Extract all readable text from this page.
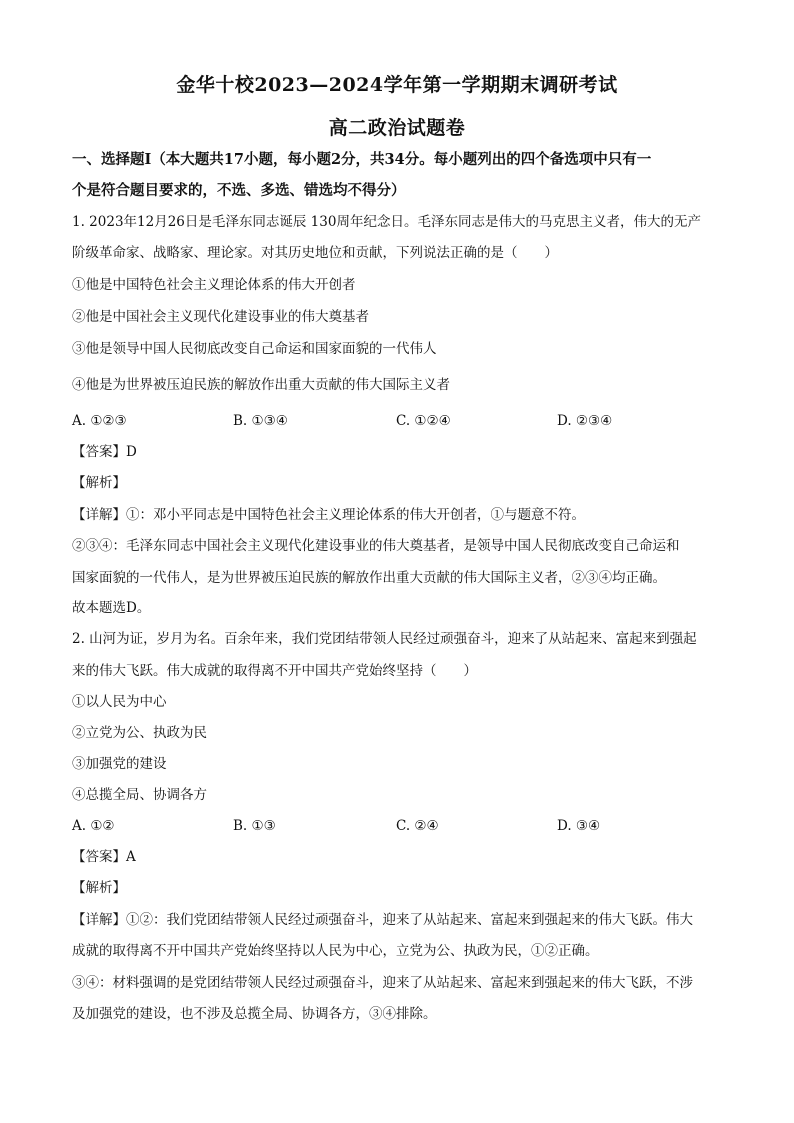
金华十校2023—2024学年第一学期期末调研考试
高二政治试题卷
一、选择题Ⅰ（本大题共17小题，每小题2分，共34分。每小题列出的四个备选项中只有一
个是符合题目要求的，不选、多选、错选均不得分）
1. 2023年12月26日是毛泽东同志诞辰 130周年纪念日。毛泽东同志是伟大的马克思主义者，伟大的无产
阶级革命家、战略家、理论家。对其历史地位和贡献，下列说法正确的是（　　）
①他是中国特色社会主义理论体系的伟大开创者
②他是中国社会主义现代化建设事业的伟大奠基者
③他是领导中国人民彻底改变自己命运和国家面貌的一代伟人
④他是为世界被压迫民族的解放作出重大贡献的伟大国际主义者
A. ①②③	B. ①③④	C. ①②④	D. ②③④
【答案】D
【解析】
【详解】①：邓小平同志是中国特色社会主义理论体系的伟大开创者，①与题意不符。
②③④：毛泽东同志中国社会主义现代化建设事业的伟大奠基者，是领导中国人民彻底改变自己命运和
国家面貌的一代伟人，是为世界被压迫民族的解放作出重大贡献的伟大国际主义者，②③④均正确。
故本题选D。
2. 山河为证，岁月为名。百余年来，我们党团结带领人民经过顽强奋斗，迎来了从站起来、富起来到强起
来的伟大飞跃。伟大成就的取得离不开中国共产党始终坚持（　　）
①以人民为中心
②立党为公、执政为民
③加强党的建设
④总揽全局、协调各方
A. ①②	B. ①③	C. ②④	D. ③④
【答案】A
【解析】
【详解】①②：我们党团结带领人民经过顽强奋斗，迎来了从站起来、富起来到强起来的伟大飞跃。伟大
成就的取得离不开中国共产党始终坚持以人民为中心，立党为公、执政为民，①②正确。
③④：材料强调的是党团结带领人民经过顽强奋斗，迎来了从站起来、富起来到强起来的伟大飞跃，不涉
及加强党的建设，也不涉及总揽全局、协调各方，③④排除。
